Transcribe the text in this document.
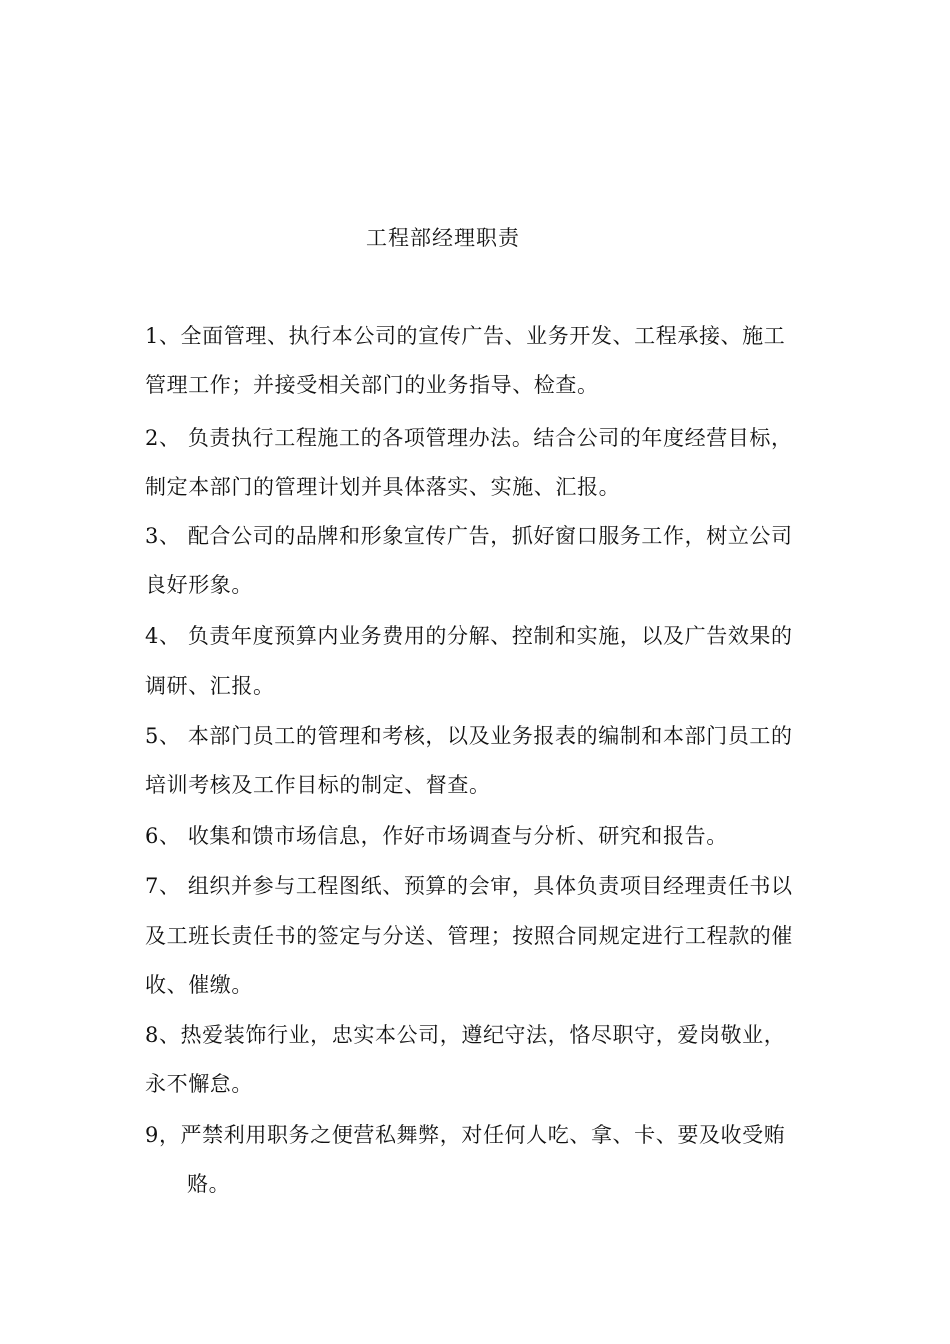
工程部经理职责
1、全面管理、执行本公司的宣传广告、业务开发、工程承接、施工
管理工作；并接受相关部门的业务指导、检查。
2、 负责执行工程施工的各项管理办法。结合公司的年度经营目标，
制定本部门的管理计划并具体落实、实施、汇报。
3、 配合公司的品牌和形象宣传广告，抓好窗口服务工作，树立公司
良好形象。
4、 负责年度预算内业务费用的分解、控制和实施，以及广告效果的
调研、汇报。
5、 本部门员工的管理和考核，以及业务报表的编制和本部门员工的
培训考核及工作目标的制定、督查。
6、 收集和馈市场信息，作好市场调查与分析、研究和报告。
7、 组织并参与工程图纸、预算的会审，具体负责项目经理责任书以
及工班长责任书的签定与分送、管理；按照合同规定进行工程款的催
收、催缴。
8、热爱装饰行业，忠实本公司，遵纪守法，恪尽职守，爱岗敬业，
永不懈怠。
9，严禁利用职务之便营私舞弊，对任何人吃、拿、卡、要及收受贿
赂。
